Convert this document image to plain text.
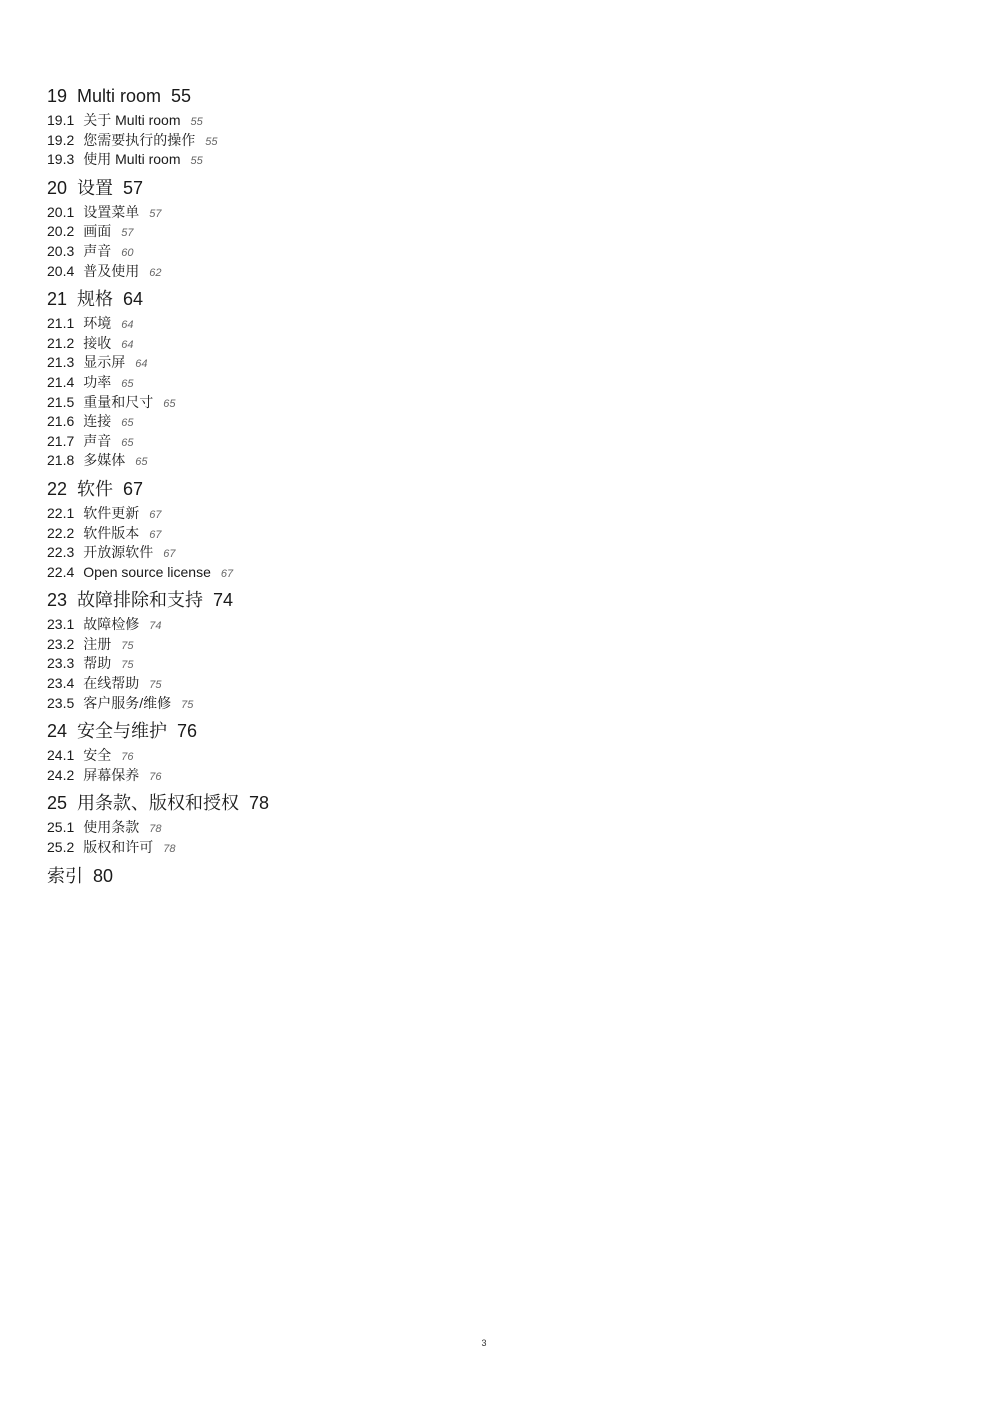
19 Multi room 55
19.1 关于 Multi room 55
19.2 您需要执行的操作 55
19.3 使用 Multi room 55
20 设置 57
20.1 设置菜单 57
20.2 画面 57
20.3 声音 60
20.4 普及使用 62
21 规格 64
21.1 环境 64
21.2 接收 64
21.3 显示屏 64
21.4 功率 65
21.5 重量和尺寸 65
21.6 连接 65
21.7 声音 65
21.8 多媒体 65
22 软件 67
22.1 软件更新 67
22.2 软件版本 67
22.3 开放源软件 67
22.4 Open source license 67
23 故障排除和支持 74
23.1 故障检修 74
23.2 注册 75
23.3 帮助 75
23.4 在线帮助 75
23.5 客户服务/维修 75
24 安全与维护 76
24.1 安全 76
24.2 屏幕保养 76
25 用条款、版权和授权 78
25.1 使用条款 78
25.2 版权和许可 78
索引 80
3
